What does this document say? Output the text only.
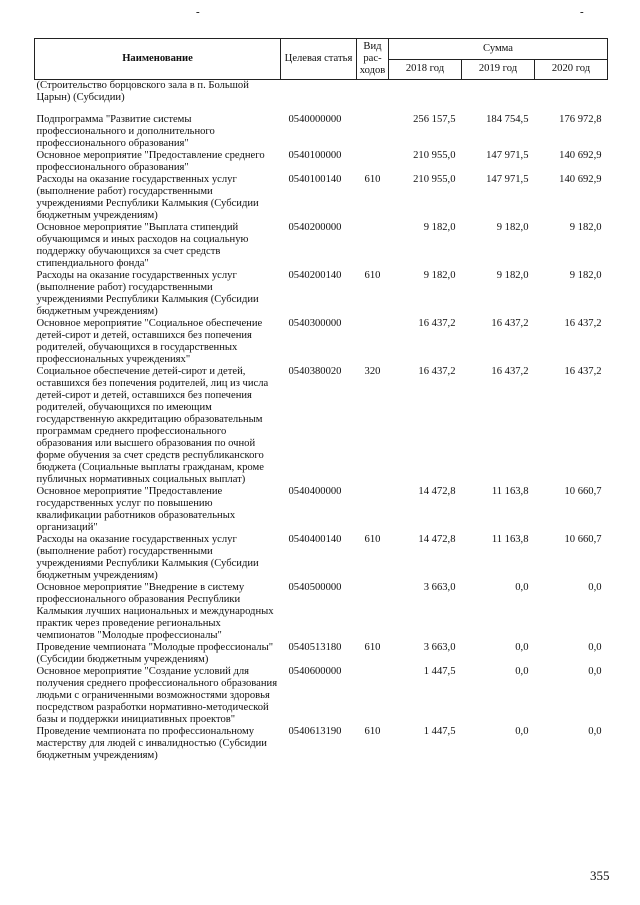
-	-
Наименование	Целевая статья	Вид рас- ходов	Сумма		
			2018 год	2019 год	2020 год
(Строительство борцовского зала в п. Большой Царын) (Субсидии)					
Подпрограмма "Развитие системы профессионального и дополнительного профессионального образования"	0540000000		256 157,5	184 754,5	176 972,8
Основное мероприятие "Предоставление среднего профессионального образования"	0540100000		210 955,0	147 971,5	140 692,9
Расходы на оказание государственных услуг (выполнение работ) государственными учреждениями Республики Калмыкия (Субсидии бюджетным учреждениям)	0540100140	610	210 955,0	147 971,5	140 692,9
Основное мероприятие "Выплата стипендий обучающимся и иных расходов на социальную поддержку обучающихся за счет средств стипендиального фонда"	0540200000		9 182,0	9 182,0	9 182,0
Расходы на оказание государственных услуг (выполнение работ) государственными учреждениями Республики Калмыкия (Субсидии бюджетным учреждениям)	0540200140	610	9 182,0	9 182,0	9 182,0
Основное мероприятие "Социальное обеспечение детей-сирот и детей, оставшихся без попечения родителей, обучающихся в государственных профессиональных учреждениях"	0540300000		16 437,2	16 437,2	16 437,2
Социальное обеспечение детей-сирот и детей, оставшихся без попечения родителей, лиц из числа детей-сирот и детей, оставшихся без попечения родителей, обучающихся по имеющим государственную аккредитацию образовательным программам среднего профессионального образования или высшего образования по очной форме обучения за счет средств республиканского бюджета (Социальные выплаты гражданам, кроме публичных нормативных социальных выплат)	0540380020	320	16 437,2	16 437,2	16 437,2
Основное мероприятие "Предоставление государственных услуг по повышению квалификации работников образовательных организаций"	0540400000		14 472,8	11 163,8	10 660,7
Расходы на оказание государственных услуг (выполнение работ) государственными учреждениями Республики Калмыкия (Субсидии бюджетным учреждениям)	0540400140	610	14 472,8	11 163,8	10 660,7
Основное мероприятие "Внедрение в систему профессионального образования Республики Калмыкия лучших национальных и международных практик через проведение региональных чемпионатов "Молодые профессионалы"	0540500000		3 663,0	0,0	0,0
Проведение чемпионата "Молодые профессионалы" (Субсидии бюджетным учреждениям)	0540513180	610	3 663,0	0,0	0,0
Основное мероприятие "Создание условий для получения среднего профессионального образования людьми с ограниченными возможностями здоровья посредством разработки нормативно-методической базы и поддержки инициативных проектов"	0540600000		1 447,5	0,0	0,0
Проведение чемпионата по профессиональному мастерству для людей с инвалидностью (Субсидии бюджетным учреждениям)	0540613190	610	1 447,5	0,0	0,0
355
